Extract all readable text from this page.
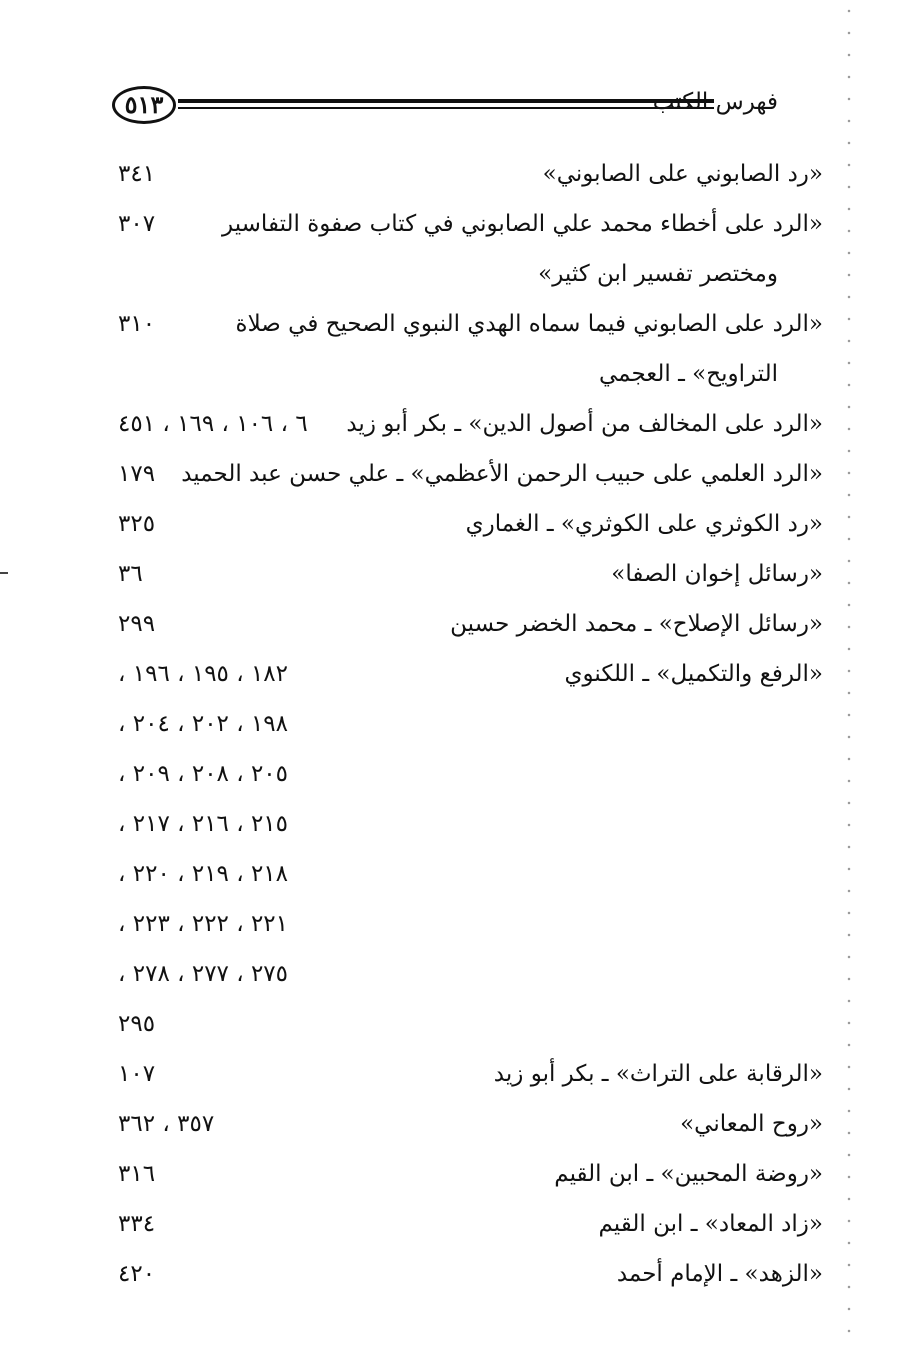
٥١٣	فهرس الكتب
«رد الصابوني على الصابوني»
٣٤١
«الرد على أخطاء محمد علي الصابوني في كتاب صفوة التفاسير
٣٠٧
ومختصر تفسير ابن كثير»
«الرد على الصابوني فيما سماه الهدي النبوي الصحيح في صلاة
٣١٠
التراويح» ـ العجمي
«الرد على المخالف من أصول الدين» ـ بكر أبو زيد
٦ ، ١٠٦ ، ١٦٩ ، ٤٥١
«الرد العلمي على حبيب الرحمن الأعظمي» ـ علي حسن عبد الحميد
١٧٩
«رد الكوثري على الكوثري» ـ الغماري
٣٢٥
«رسائل إخوان الصفا»
٣٦
«رسائل الإصلاح» ـ محمد الخضر حسين
٢٩٩
«الرفع والتكميل» ـ اللكنوي
١٨٢ ، ١٩٥ ، ١٩٦ ،
١٩٨ ، ٢٠٢ ، ٢٠٤ ،
٢٠٥ ، ٢٠٨ ، ٢٠٩ ،
٢١٥ ، ٢١٦ ، ٢١٧ ،
٢١٨ ، ٢١٩ ، ٢٢٠ ،
٢٢١ ، ٢٢٢ ، ٢٢٣ ،
٢٧٥ ، ٢٧٧ ، ٢٧٨ ،
٢٩٥
«الرقابة على التراث» ـ بكر أبو زيد
١٠٧
«روح المعاني»
٣٥٧ ، ٣٦٢
«روضة المحبين» ـ ابن القيم
٣١٦
«زاد المعاد» ـ ابن القيم
٣٣٤
«الزهد» ـ الإمام أحمد
٤٢٠
